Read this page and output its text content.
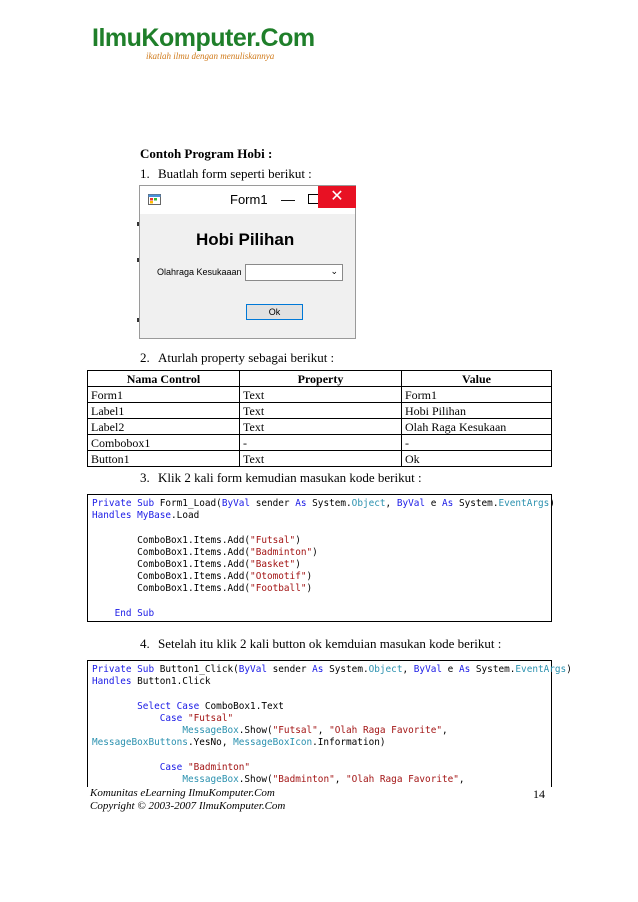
IlmuKomputer.Com
ikatlah ilmu dengan menuliskannya
Contoh Program Hobi :
1. Buatlah form seperti berikut :
Form1 —	✕
Hobi Pilihan
Olahraga Kesukaaan	⌄
Ok
2. Aturlah property sebagai berikut :
Nama Control	Property	Value
Form1	Text	Form1
Label1	Text	Hobi Pilihan
Label2	Text	Olah Raga Kesukaan
Combobox1	-	-
Button1	Text	Ok
3. Klik 2 kali form kemudian masukan kode berikut :
Private Sub Form1_Load(ByVal sender As System.Object, ByVal e As System.EventArgs)
Handles MyBase.Load

ComboBox1.Items.Add("Futsal")
ComboBox1.Items.Add("Badminton")
ComboBox1.Items.Add("Basket")
ComboBox1.Items.Add("Otomotif")
ComboBox1.Items.Add("Football")

End Sub
4. Setelah itu klik 2 kali button ok kemduian masukan kode berikut :
Private Sub Button1_Click(ByVal sender As System.Object, ByVal e As System.EventArgs)
Handles Button1.Click

Select Case ComboBox1.Text
Case "Futsal"
MessageBox.Show("Futsal", "Olah Raga Favorite",
MessageBoxButtons.YesNo, MessageBoxIcon.Information)

Case "Badminton"
MessageBox.Show("Badminton", "Olah Raga Favorite",
Komunitas eLearning IlmuKomputer.Com
Copyright © 2003-2007 IlmuKomputer.Com
14
